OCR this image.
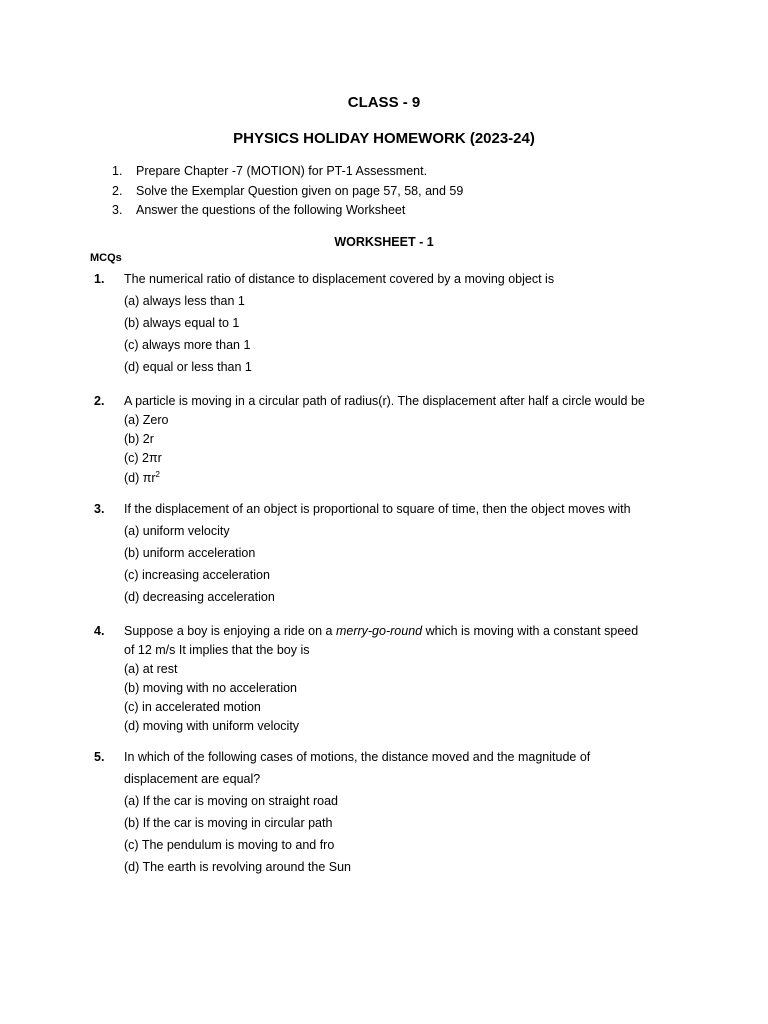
CLASS - 9
PHYSICS HOLIDAY HOMEWORK (2023-24)
1. Prepare Chapter -7 (MOTION) for PT-1 Assessment.
2. Solve the Exemplar Question given on page 57, 58, and 59
3. Answer the questions of the following Worksheet
WORKSHEET - 1
MCQs
1. The numerical ratio of distance to displacement covered by a moving object is
(a) always less than 1
(b) always equal to 1
(c) always more than 1
(d) equal or less than 1
2. A particle is moving in a circular path of radius(r). The displacement after half a circle would be
(a) Zero
(b) 2r
(c) 2πr
(d) $\pi r^2$
3. If the displacement of an object is proportional to square of time, then the object moves with
(a) uniform velocity
(b) uniform acceleration
(c) increasing acceleration
(d) decreasing acceleration
4. Suppose a boy is enjoying a ride on a merry-go-round which is moving with a constant speed
of 12 m/s It implies that the boy is
(a) at rest
(b) moving with no acceleration
(c) in accelerated motion
(d) moving with uniform velocity
5. In which of the following cases of motions, the distance moved and the magnitude of
displacement are equal?
(a) If the car is moving on straight road
(b) If the car is moving in circular path
(c) The pendulum is moving to and fro
(d) The earth is revolving around the Sun
